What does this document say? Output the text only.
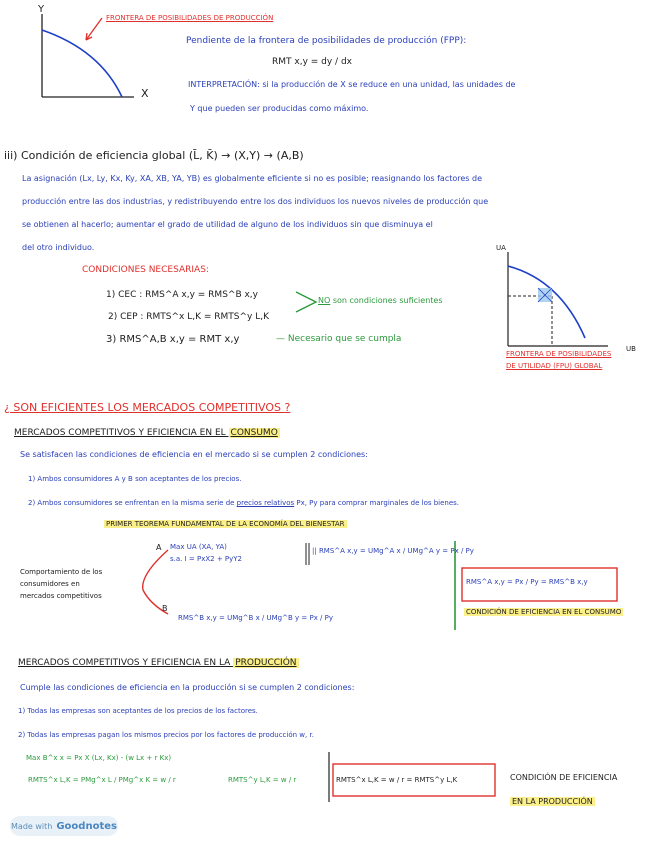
Y
X
FRONTERA DE POSIBILIDADES DE PRODUCCIÓN
Pendiente de la frontera de posibilidades de producción (FPP):
RMT x,y = dy / dx
INTERPRETACIÓN: si la producción de X se reduce en una unidad, las unidades de
Y que pueden ser producidas como máximo.
iii) Condición de eficiencia global (L̄, K̄) → (X,Y) → (A,B)
La asignación (Lx, Ly, Kx, Ky, XA, XB, YA, YB) es globalmente eficiente si no es posible; reasignando los factores de
producción entre las dos industrias, y redistribuyendo entre los dos individuos los nuevos niveles de producción que
se obtienen al hacerlo; aumentar el grado de utilidad de alguno de los individuos sin que disminuya el
del otro individuo.
CONDICIONES NECESARIAS:
1) CEC : RMS^A x,y = RMS^B x,y
2) CEP : RMTS^x L,K = RMTS^y L,K
3) RMS^A,B x,y = RMT x,y
NO son condiciones suficientes
— Necesario que se cumpla
UA
UB
FRONTERA DE POSIBILIDADES
DE UTILIDAD (FPU) GLOBAL
¿ SON EFICIENTES LOS MERCADOS COMPETITIVOS ?
MERCADOS COMPETITIVOS Y EFICIENCIA EN EL CONSUMO
Se satisfacen las condiciones de eficiencia en el mercado si se cumplen 2 condiciones:
1) Ambos consumidores A y B son aceptantes de los precios.
2) Ambos consumidores se enfrentan en la misma serie de precios relativos Px, Py para comprar marginales de los bienes.
PRIMER TEOREMA FUNDAMENTAL DE LA ECONOMÍA DEL BIENESTAR
Comportamiento de los
consumidores en
mercados competitivos
A
B
Max UA (XA, YA)
s.a. I = PxX2 + PyY2
|| RMS^A x,y = UMg^A x / UMg^A y = Px / Py
RMS^B x,y = UMg^B x / UMg^B y = Px / Py
RMS^A x,y = Px / Py = RMS^B x,y
CONDICIÓN DE EFICIENCIA EN EL CONSUMO
MERCADOS COMPETITIVOS Y EFICIENCIA EN LA PRODUCCIÓN
Cumple las condiciones de eficiencia en la producción si se cumplen 2 condiciones:
1) Todas las empresas son aceptantes de los precios de los factores.
2) Todas las empresas pagan los mismos precios por los factores de producción w, r.
Max B^x x = Px X (Lx, Kx) - (w Lx + r Kx)
RMTS^x L,K = PMg^x L / PMg^x K = w / r	RMTS^y L,K = w / r	RMTS^x L,K = w / r = RMTS^y L,K	CONDICIÓN DE EFICIENCIA
EN LA PRODUCCIÓN
Made with Goodnotes
